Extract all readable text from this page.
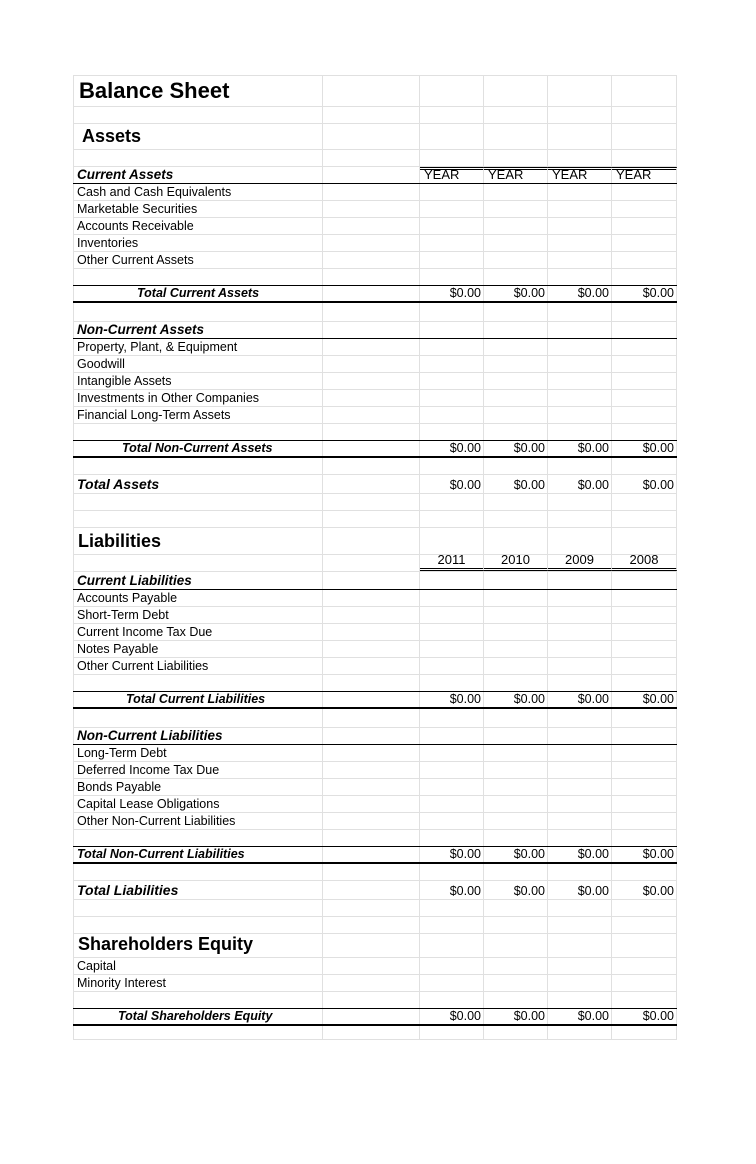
Balance Sheet
Assets
Current Assets	YEAR YEAR YEAR YEAR
Cash and Cash Equivalents
Marketable Securities
Accounts Receivable
Inventories
Other Current Assets
Total Current Assets	$0.00	$0.00	$0.00	$0.00
Non-Current Assets
Property, Plant, & Equipment
Goodwill
Intangible Assets
Investments in Other Companies
Financial Long-Term Assets
Total Non-Current Assets	$0.00	$0.00	$0.00	$0.00
Total Assets	$0.00	$0.00	$0.00	$0.00
Liabilities
2011	2010	2009	2008
Current Liabilities
Accounts Payable
Short-Term Debt
Current Income Tax Due
Notes Payable
Other Current Liabilities
Total Current Liabilities	$0.00	$0.00	$0.00	$0.00
Non-Current Liabilities
Long-Term Debt
Deferred Income Tax Due
Bonds Payable
Capital Lease Obligations
Other Non-Current Liabilities
Total Non-Current Liabilities	$0.00	$0.00	$0.00	$0.00
Total Liabilities	$0.00	$0.00	$0.00	$0.00
Shareholders Equity
Capital
Minority Interest
Total Shareholders Equity	$0.00	$0.00	$0.00	$0.00
